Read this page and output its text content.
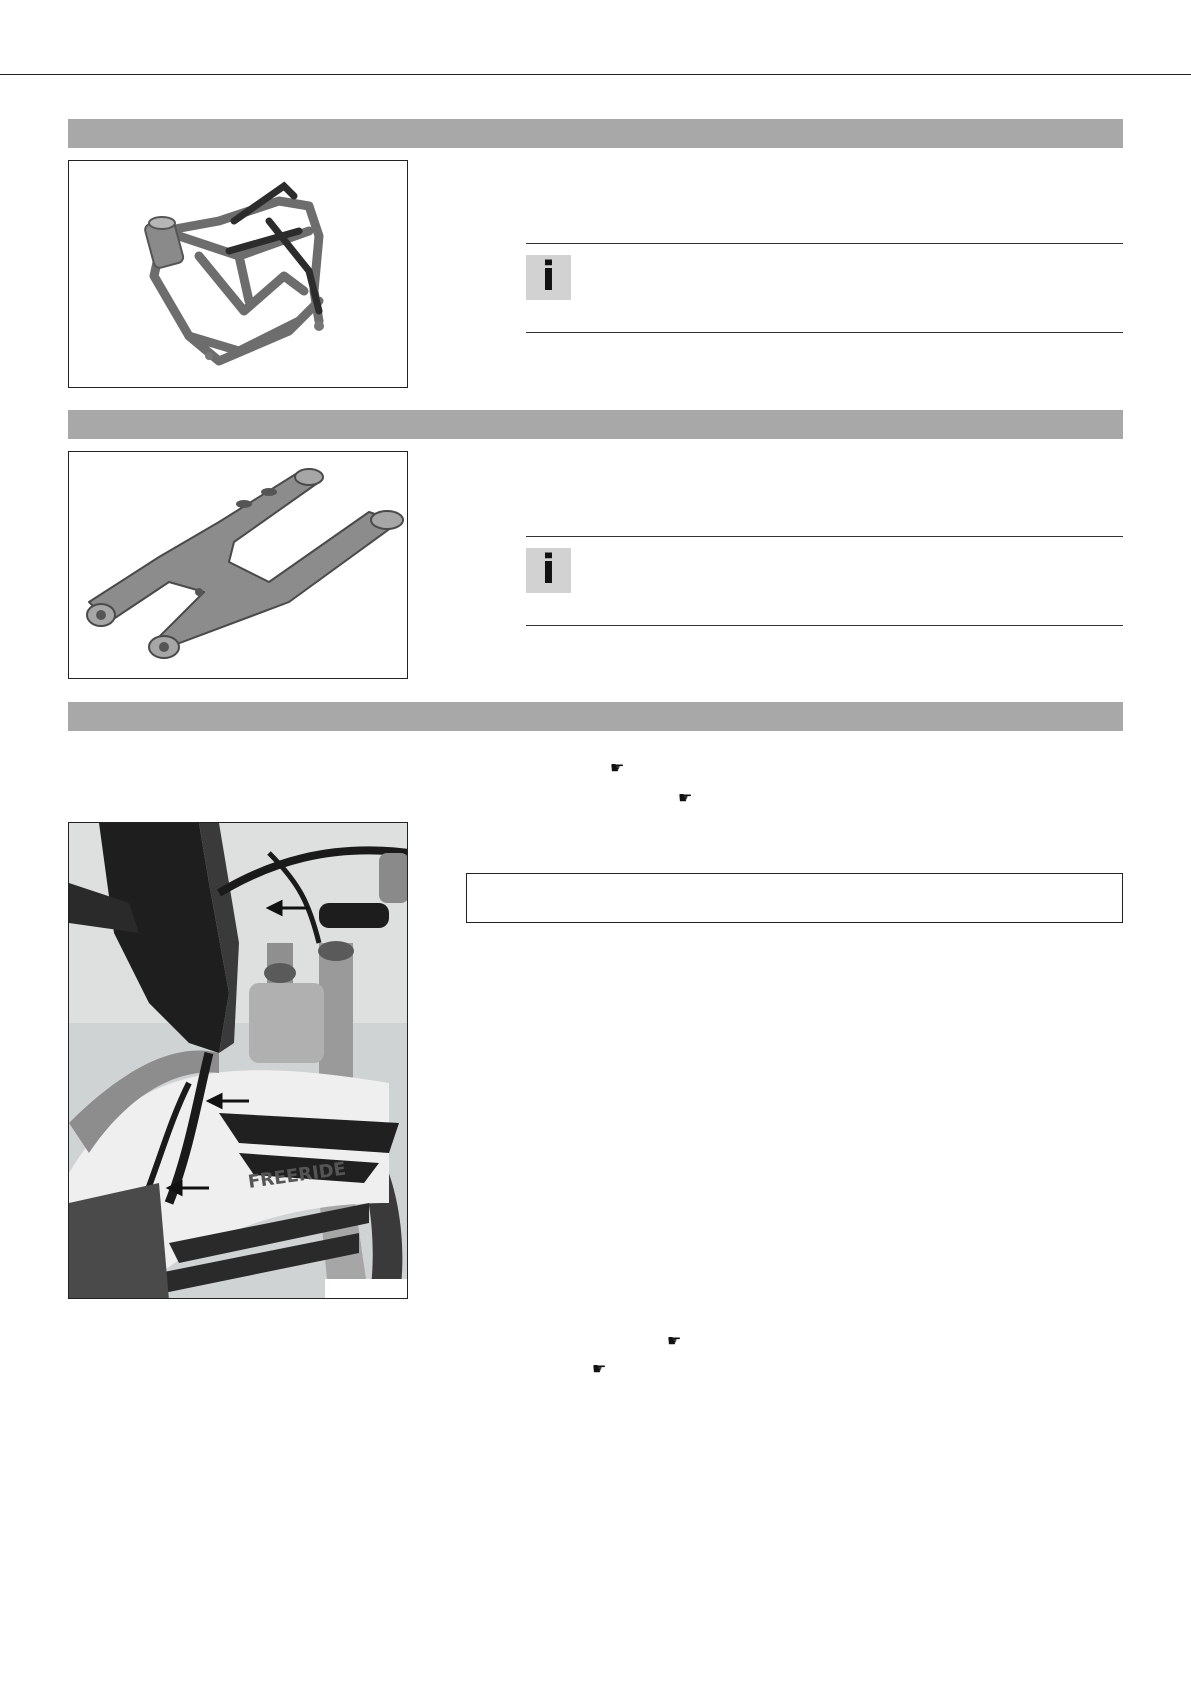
i
i
☛
☛
FREERIDE
☛
☛
